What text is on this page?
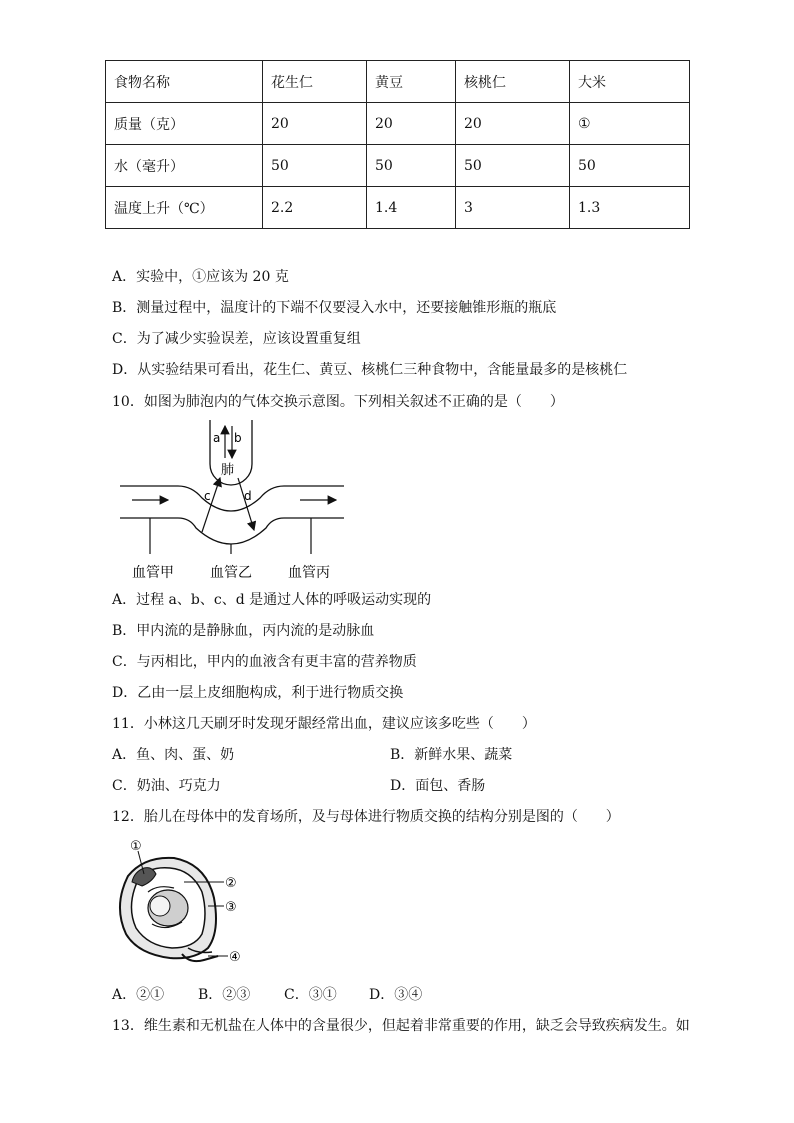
食物名称	花生仁	黄豆	核桃仁	大米
质量（克）	20	20	20	①
水（毫升）	50	50	50	50
温度上升（℃）	2.2	1.4	3	1.3
A．实验中，①应该为 20 克
B．测量过程中，温度计的下端不仅要浸入水中，还要接触锥形瓶的瓶底
C．为了减少实验误差，应该设置重复组
D．从实验结果可看出，花生仁、黄豆、核桃仁三种食物中，含能量最多的是核桃仁
10．如图为肺泡内的气体交换示意图。下列相关叙述不正确的是（　　）
a b
c	d
肺
血管甲	血管乙	血管丙
A．过程 a、b、c、d 是通过人体的呼吸运动实现的
B．甲内流的是静脉血，丙内流的是动脉血
C．与丙相比，甲内的血液含有更丰富的营养物质
D．乙由一层上皮细胞构成，利于进行物质交换
11．小林这几天刷牙时发现牙龈经常出血，建议应该多吃些（　　）
A．鱼、肉、蛋、奶	B．新鲜水果、蔬菜
C．奶油、巧克力	D．面包、香肠
12．胎儿在母体中的发育场所，及与母体进行物质交换的结构分别是图的（　　）
①
②
③
④
A．②① B．②③ C．③① D．③④
13．维生素和无机盐在人体中的含量很少，但起着非常重要的作用，缺乏会导致疾病发生。如
